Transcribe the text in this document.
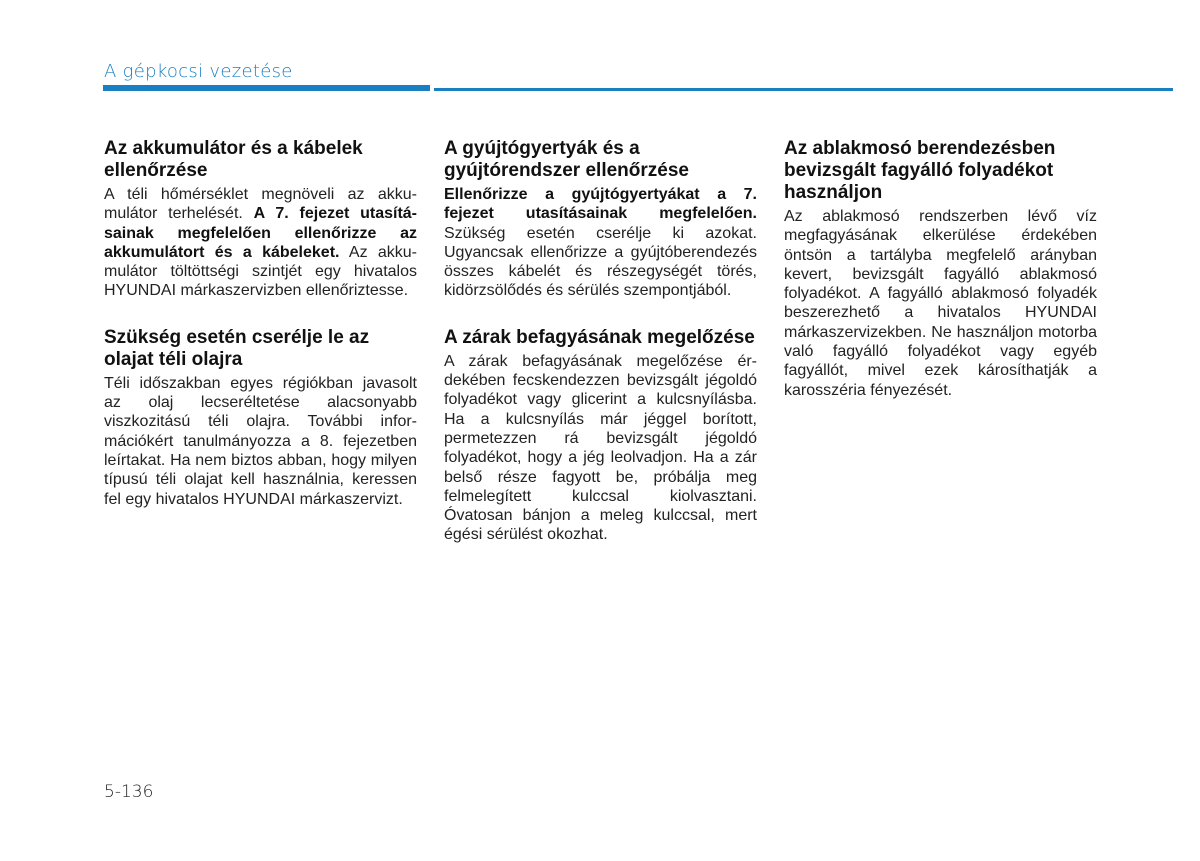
A gépkocsi vezetése
Az akkumulátor és a kábelek ellenőrzése

A téli hőmérséklet megnöveli az akkumulátor terhelését. A 7. fejezet utasításainak megfelelően ellenőrizze az akkumulátort és a kábeleket. Az akkumulátor töltöttségi szintjét egy hivatalos HYUNDAI márkaszervizben ellenőriztesse.

Szükség esetén cserélje le az olajat téli olajra

Téli időszakban egyes régiókban javasolt az olaj lecseréltetése alacsonyabb viszkozitású téli olajra. További információkért tanulmányozza a 8. fejezetben leírtakat. Ha nem biztos abban, hogy milyen típusú téli olajat kell használnia, keressen fel egy hivatalos HYUNDAI márkaszervizt.

A gyújtógyertyák és a gyújtórendszer ellenőrzése

Ellenőrizze a gyújtógyertyákat a 7. fejezet utasításainak megfelelően. Szükség esetén cserélje ki azokat. Ugyancsak ellenőrizze a gyújtóberendezés összes kábelét és részegységét törés, kidörzsölődés és sérülés szempontjából.

A zárak befagyásának megelőzése

A zárak befagyásának megelőzése érdekében fecskendezzen bevizsgált jégoldó folyadékot vagy glicerint a kulcsnyílásba. Ha a kulcsnyílás már jéggel borított, permetezzen rá bevizsgált jégoldó folyadékot, hogy a jég leolvadjon. Ha a zár belső része fagyott be, próbálja meg felmelegített kulccsal kiolvasztani. Óvatosan bánjon a meleg kulccsal, mert égési sérülést okozhat.

Az ablakmosó berendezésben bevizsgált fagyálló folyadékot használjon

Az ablakmosó rendszerben lévő víz megfagyásának elkerülése érdekében öntsön a tartályba megfelelő arányban kevert, bevizsgált fagyálló ablakmosó folyadékot. A fagyálló ablakmosó folyadék beszerezhető a hivatalos HYUNDAI márkaszervizekben. Ne használjon motorba való fagyálló folyadékot vagy egyéb fagyállót, mivel ezek károsíthatják a karosszéria fényezését.

5-136
